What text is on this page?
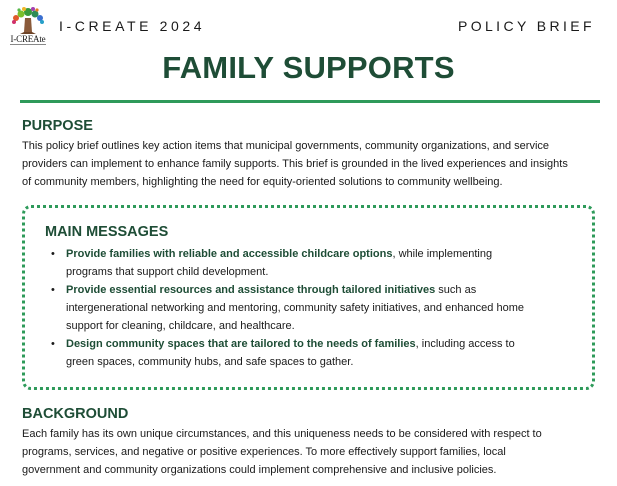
I-CREAte
I-CREATE 2024	POLICY BRIEF
FAMILY SUPPORTS
PURPOSE
This policy brief outlines key action items that municipal governments, community organizations, and service
providers can implement to enhance family supports. This brief is grounded in the lived experiences and insights
of community members, highlighting the need for equity-oriented solutions to community wellbeing.
MAIN MESSAGES
• Provide families with reliable and accessible childcare options, while implementing
programs that support child development.
• Provide essential resources and assistance through tailored initiatives such as
intergenerational networking and mentoring, community safety initiatives, and enhanced home
support for cleaning, childcare, and healthcare.
• Design community spaces that are tailored to the needs of families, including access to
green spaces, community hubs, and safe spaces to gather.
BACKGROUND
Each family has its own unique circumstances, and this uniqueness needs to be considered with respect to
programs, services, and negative or positive experiences. To more effectively support families, local
government and community organizations could implement comprehensive and inclusive policies.
